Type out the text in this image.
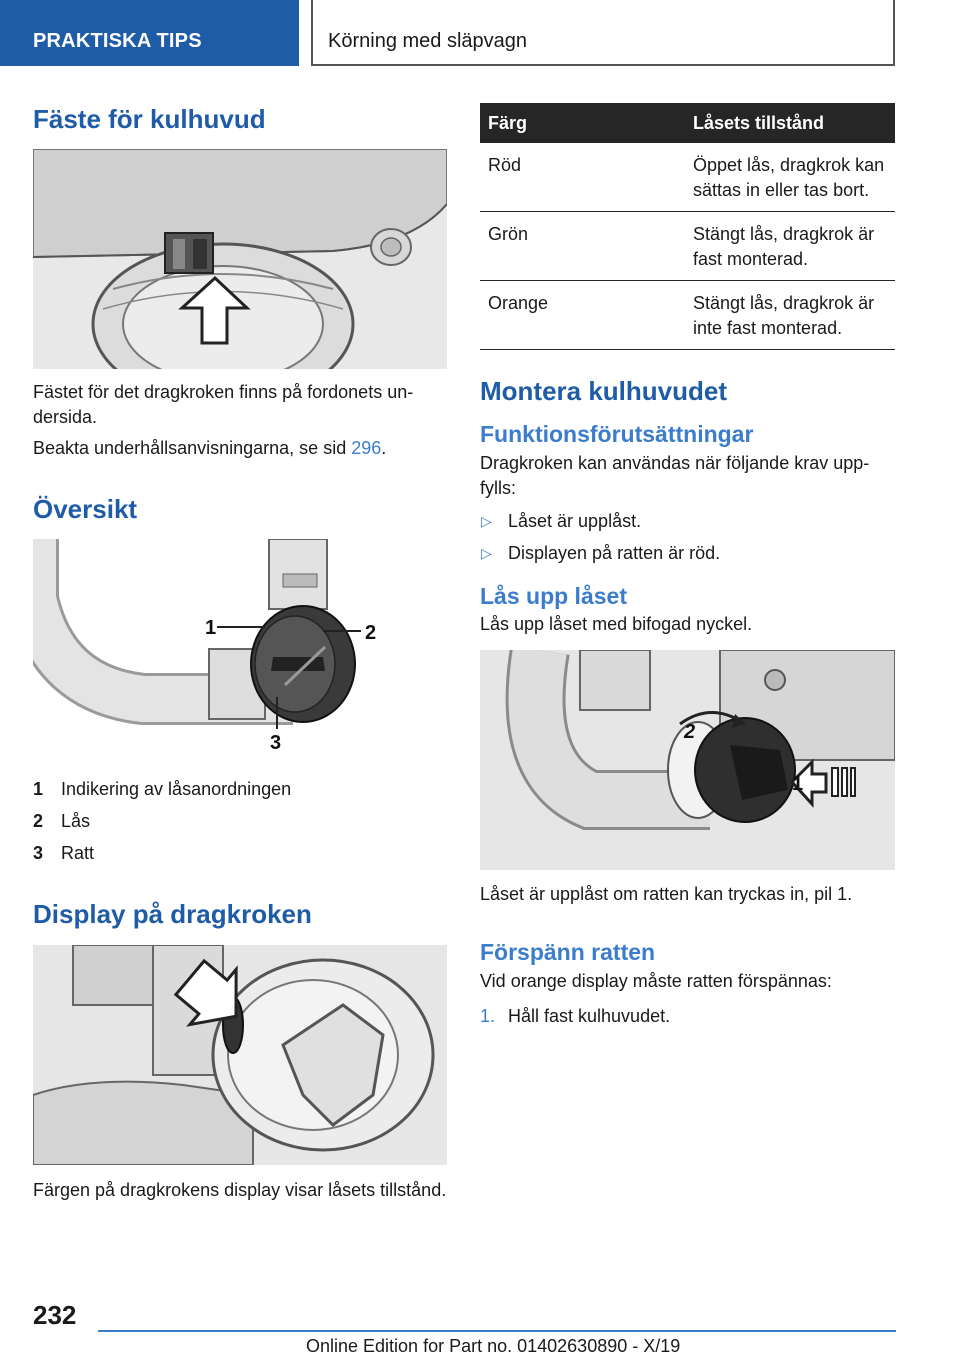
PRAKTISKA TIPS	Körning med släpvagn
Fäste för kulhuvud

Fästet för det dragkroken finns på fordonets undersida.

Beakta underhållsanvisningarna, se sid 296.

Översikt
1	2
3
1 Indikering av låsanordningen
2 Lås
3 Ratt
Display på dragkroken

Färgen på dragkrokens display visar låsets tillstånd.

Färg	Låsets tillstånd
Röd	Öppet lås, dragkrok kan sättas in eller tas bort.
Grön	Stängt lås, dragkrok är fast monterad.
Orange	Stängt lås, dragkrok är inte fast monterad.
Montera kulhuvudet
Funktionsförutsättningar

Dragkroken kan användas när följande krav uppfylls:

▷ Låset är upplåst.
▷ Displayen på ratten är röd.
Lås upp låset

Lås upp låset med bifogad nyckel.

2
1

Låset är upplåst om ratten kan tryckas in, pil 1.

Förspänn ratten

Vid orange display måste ratten förspännas:

1. Håll fast kulhuvudet.
232
Online Edition for Part no. 01402630890 - X/19
